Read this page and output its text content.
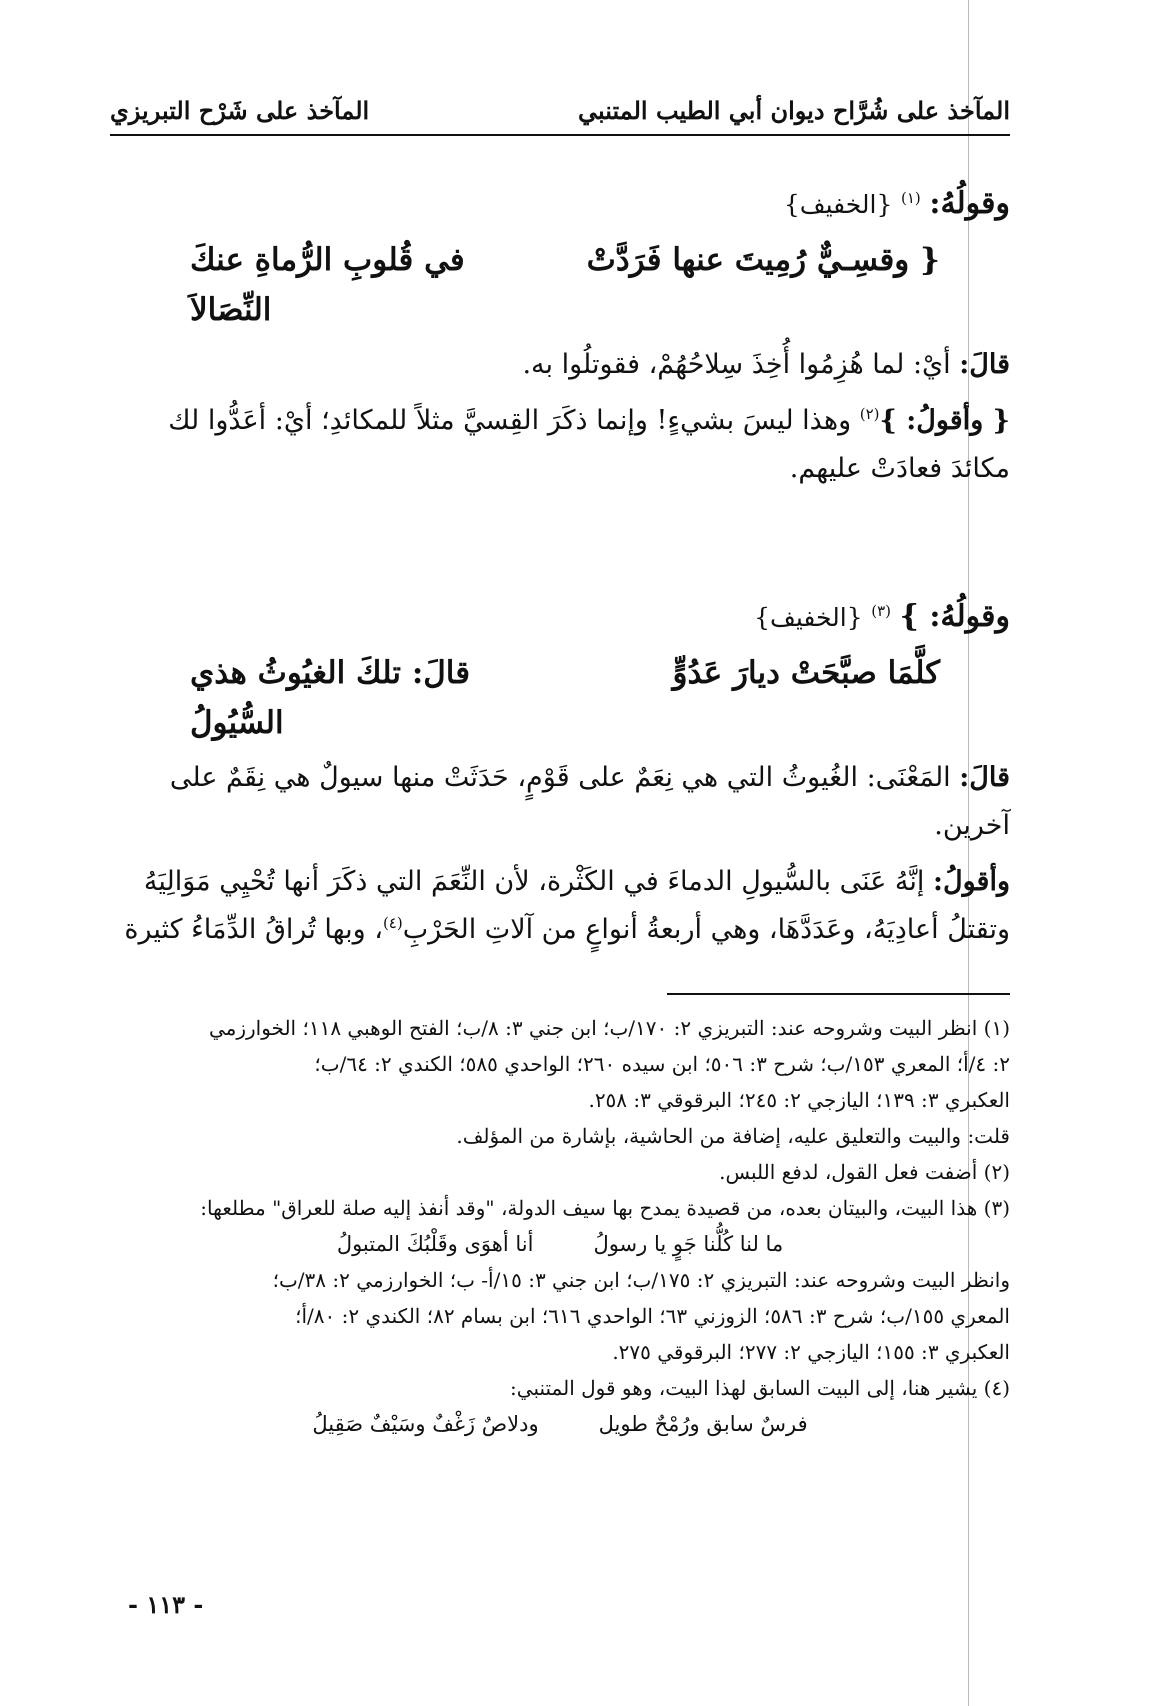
المآخذ على شُرَّاح ديوان أبي الطيب المتنبي
المآخذ على شَرْح التبريزي
وقولُهُ: $^{(١)}$ {الخفيف}
{ وقسِـيٌّ رُمِيتَ عنها فَرَدَّتْ
في قُلوبِ الرُّماةِ عنكَ النِّصَالاَ
قالَ: أيْ: لما هُزِمُوا أُخِذَ سِلاحُهُمْ، فقوتلُوا به.
{ وأقولُ: }$^{(٢)}$ وهذا ليسَ بشيءٍ! وإنما ذكَرَ القِسيَّ مثلاً للمكائدِ؛ أيْ: أعَدُّوا لك
مكائدَ فعادَتْ عليهم.
وقولُهُ: } $^{(٣)}$ {الخفيف}
كلَّمَا صبَّحَتْ ديارَ عَدُوٍّ
قالَ: تلكَ الغيُوثُ هذي السُّيُولُ
قالَ: المَعْنَى: الغُيوثُ التي هي نِعَمٌ على قَوْمٍ، حَدَثَتْ منها سيولٌ هي نِقَمٌ على
آخرين.
وأقولُ: إنَّهُ عَنَى بالسُّيولِ الدماءَ في الكَثْرة، لأن النِّعَمَ التي ذكَرَ أنها تُحْيِي مَوَالِيَهُ
وتقتلُ أعادِيَهُ، وعَدَدَّهَا، وهي أربعةُ أنواعٍ من آلاتِ الحَرْبِ$^{(٤)}$، وبها تُراقُ الدِّمَاءُ كثيرة
(١) انظر البيت وشروحه عند: التبريزي ٢: ١٧٠/ب؛ ابن جني ٣: ٨/ب؛ الفتح الوهبي ١١٨؛ الخوارزمي
٢: ٤/أ؛ المعري ١٥٣/ب؛ شرح ٣: ٥٠٦؛ ابن سيده ٢٦٠؛ الواحدي ٥٨٥؛ الكندي ٢: ٦٤/ب؛
العكبري ٣: ١٣٩؛ اليازجي ٢: ٢٤٥؛ البرقوقي ٣: ٢٥٨.
قلت: والبيت والتعليق عليه، إضافة من الحاشية، بإشارة من المؤلف.
(٢) أضفت فعل القول، لدفع اللبس.
(٣) هذا البيت، والبيتان بعده، من قصيدة يمدح بها سيف الدولة، "وقد أنفذ إليه صلة للعراق" مطلعها:
ما لنا كُلُّنا جَوٍ يا رسولُ
أنا أهوَى وقَلْبُكَ المتبولُ
وانظر البيت وشروحه عند: التبريزي ٢: ١٧٥/ب؛ ابن جني ٣: ١٥/أ- ب؛ الخوارزمي ٢: ٣٨/ب؛
المعري ١٥٥/ب؛ شرح ٣: ٥٨٦؛ الزوزني ٦٣؛ الواحدي ٦١٦؛ ابن بسام ٨٢؛ الكندي ٢: ٨٠/أ؛
العكبري ٣: ١٥٥؛ اليازجي ٢: ٢٧٧؛ البرقوقي ٢٧٥.
(٤) يشير هنا، إلى البيت السابق لهذا البيت، وهو قول المتنبي:
فرسٌ سابق ورُمْحٌ طويل
ودلاصٌ زَغْفٌ وسَيْفٌ صَقِيلُ
- ١١٣ -
